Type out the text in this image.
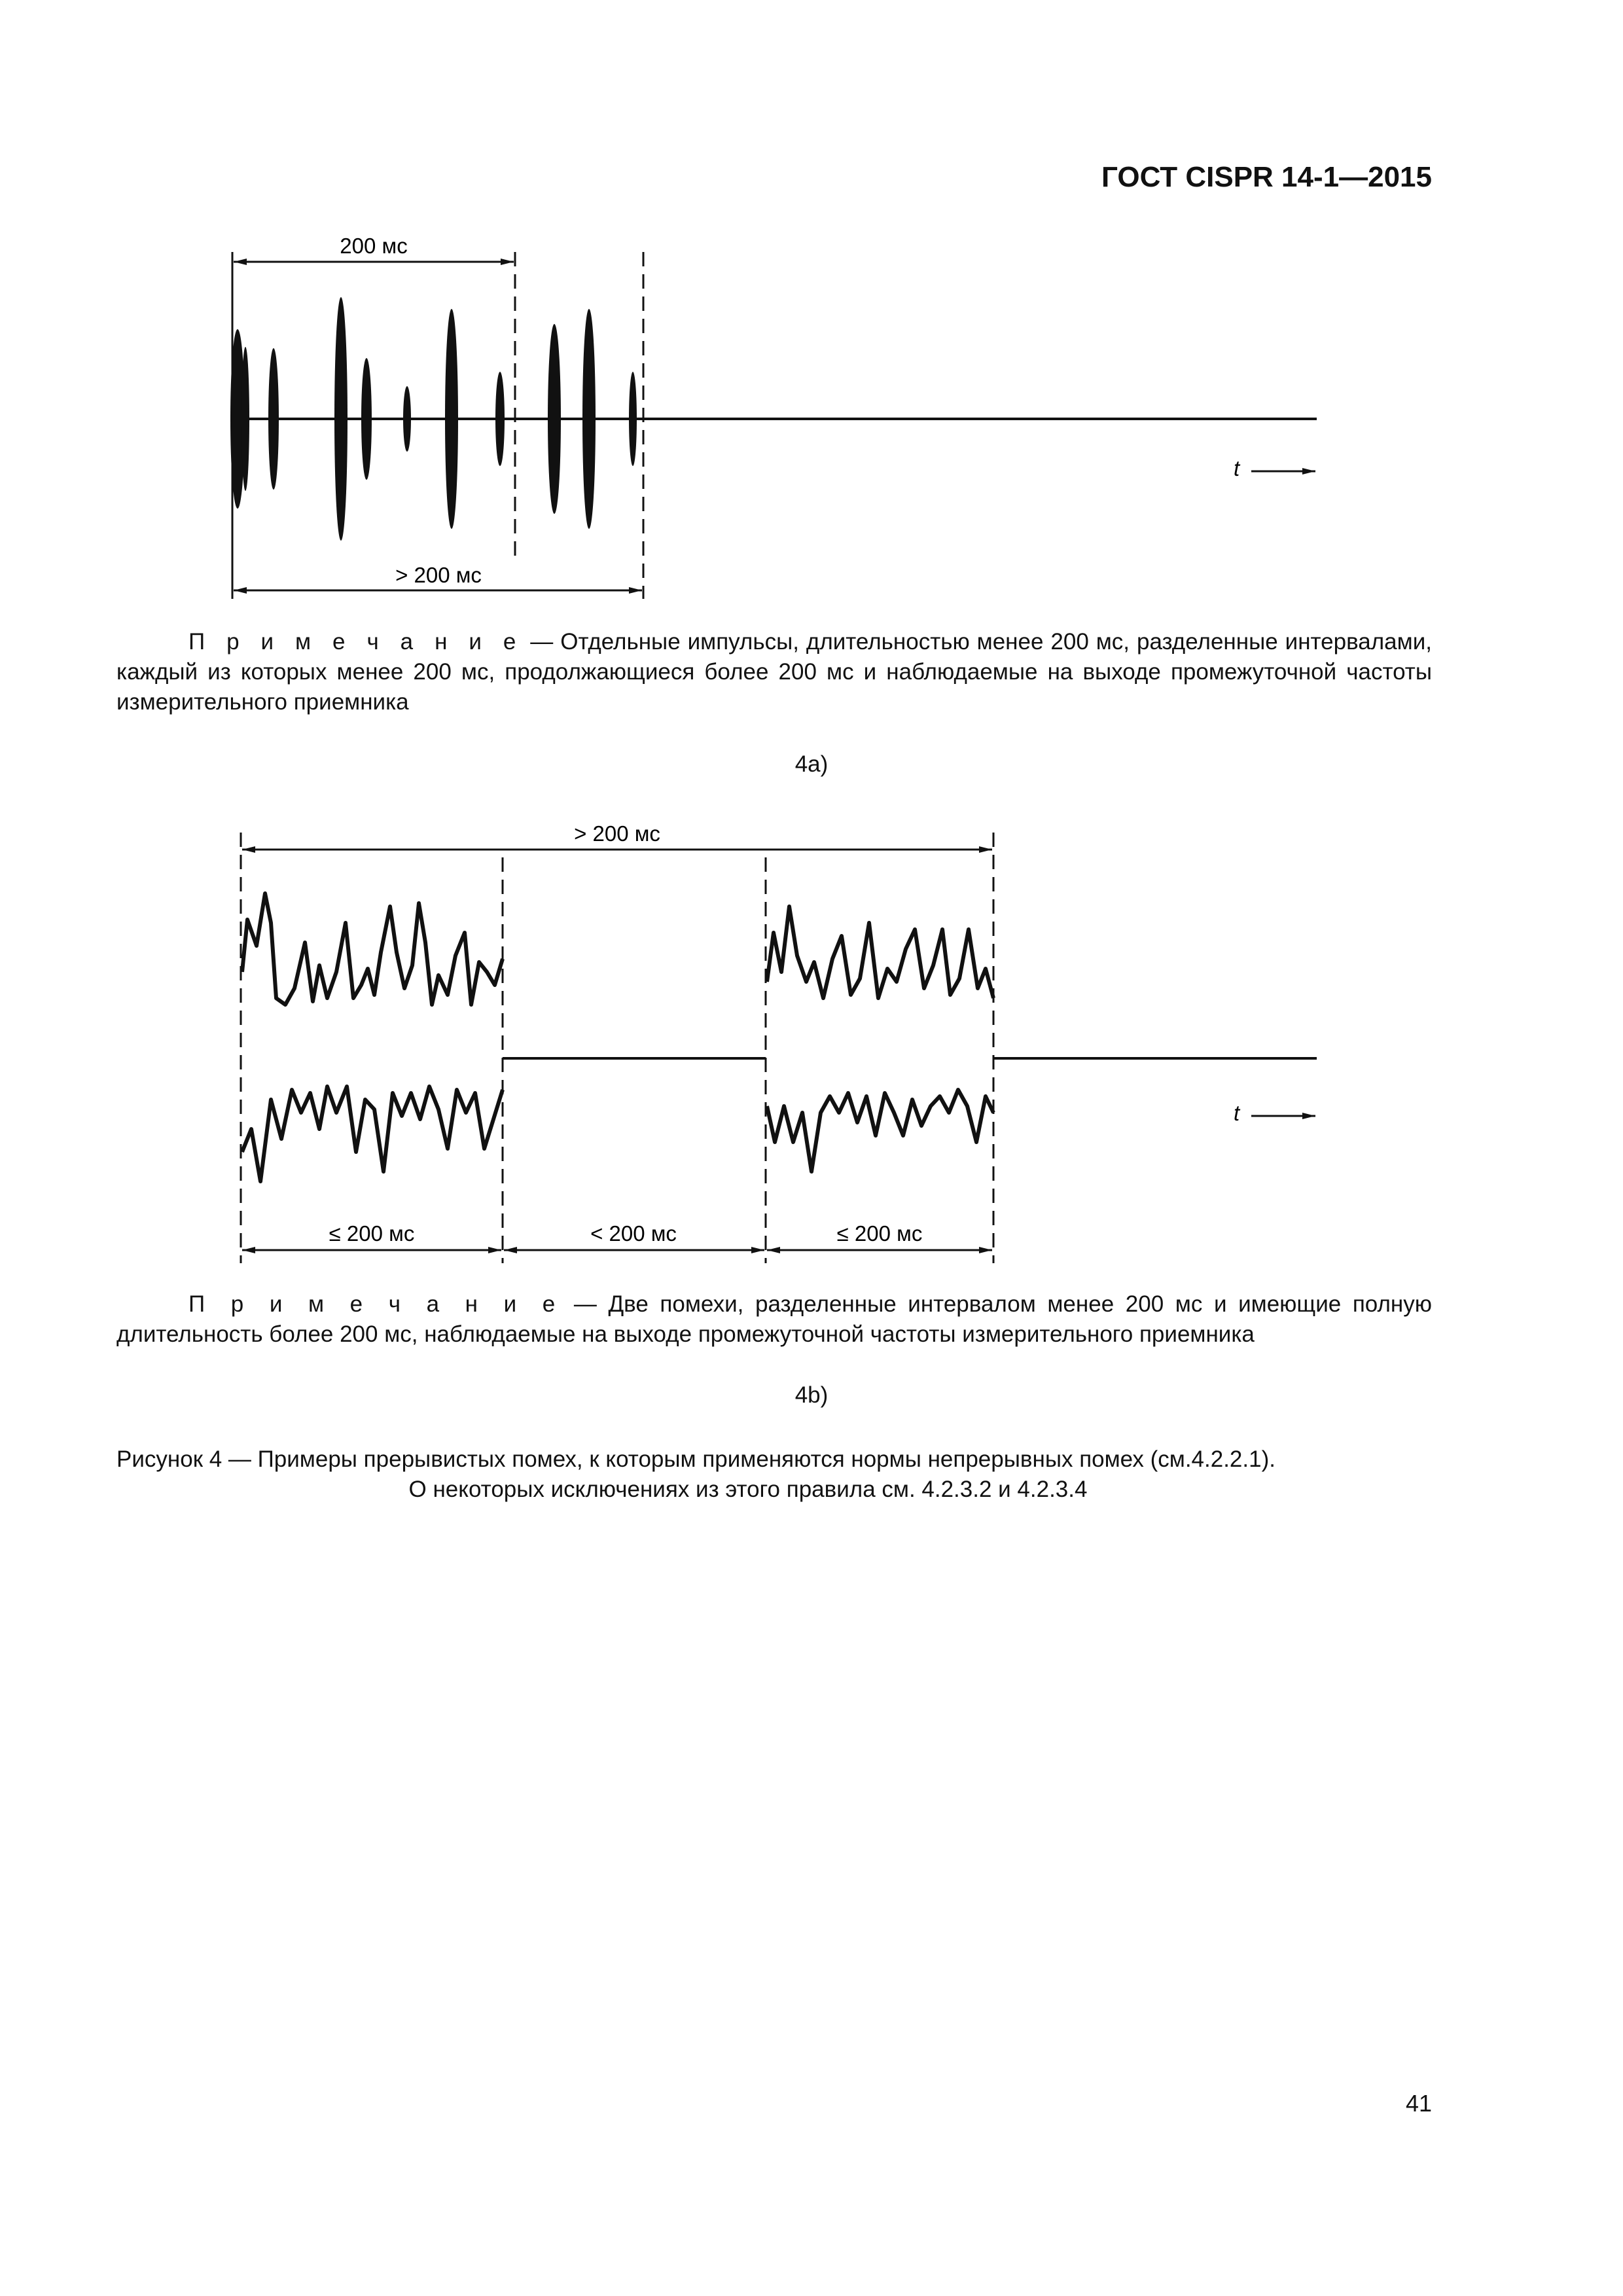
ГОСТ CISPR 14-1—2015
200 мс
> 200 мс
t
П р и м е ч а н и е — Отдельные импульсы, длительностью менее 200 мс, разделенные интервалами, каждый из которых менее 200 мс, продолжающиеся более 200 мс и наблюдаемые на выходе промежуточной частоты измерительного приемника
4a)
> 200 мс
t
≤ 200 мс	< 200 мс	≤ 200 мс
П р и м е ч а н и е — Две помехи, разделенные интервалом менее 200 мс и имеющие полную длительность более 200 мс, наблюдаемые на выходе промежуточной частоты измерительного приемника
4b)
Рисунок 4 — Примеры прерывистых помех, к которым применяются нормы непрерывных помех (см.4.2.2.1).
О некоторых исключениях из этого правила см. 4.2.3.2 и 4.2.3.4
41
